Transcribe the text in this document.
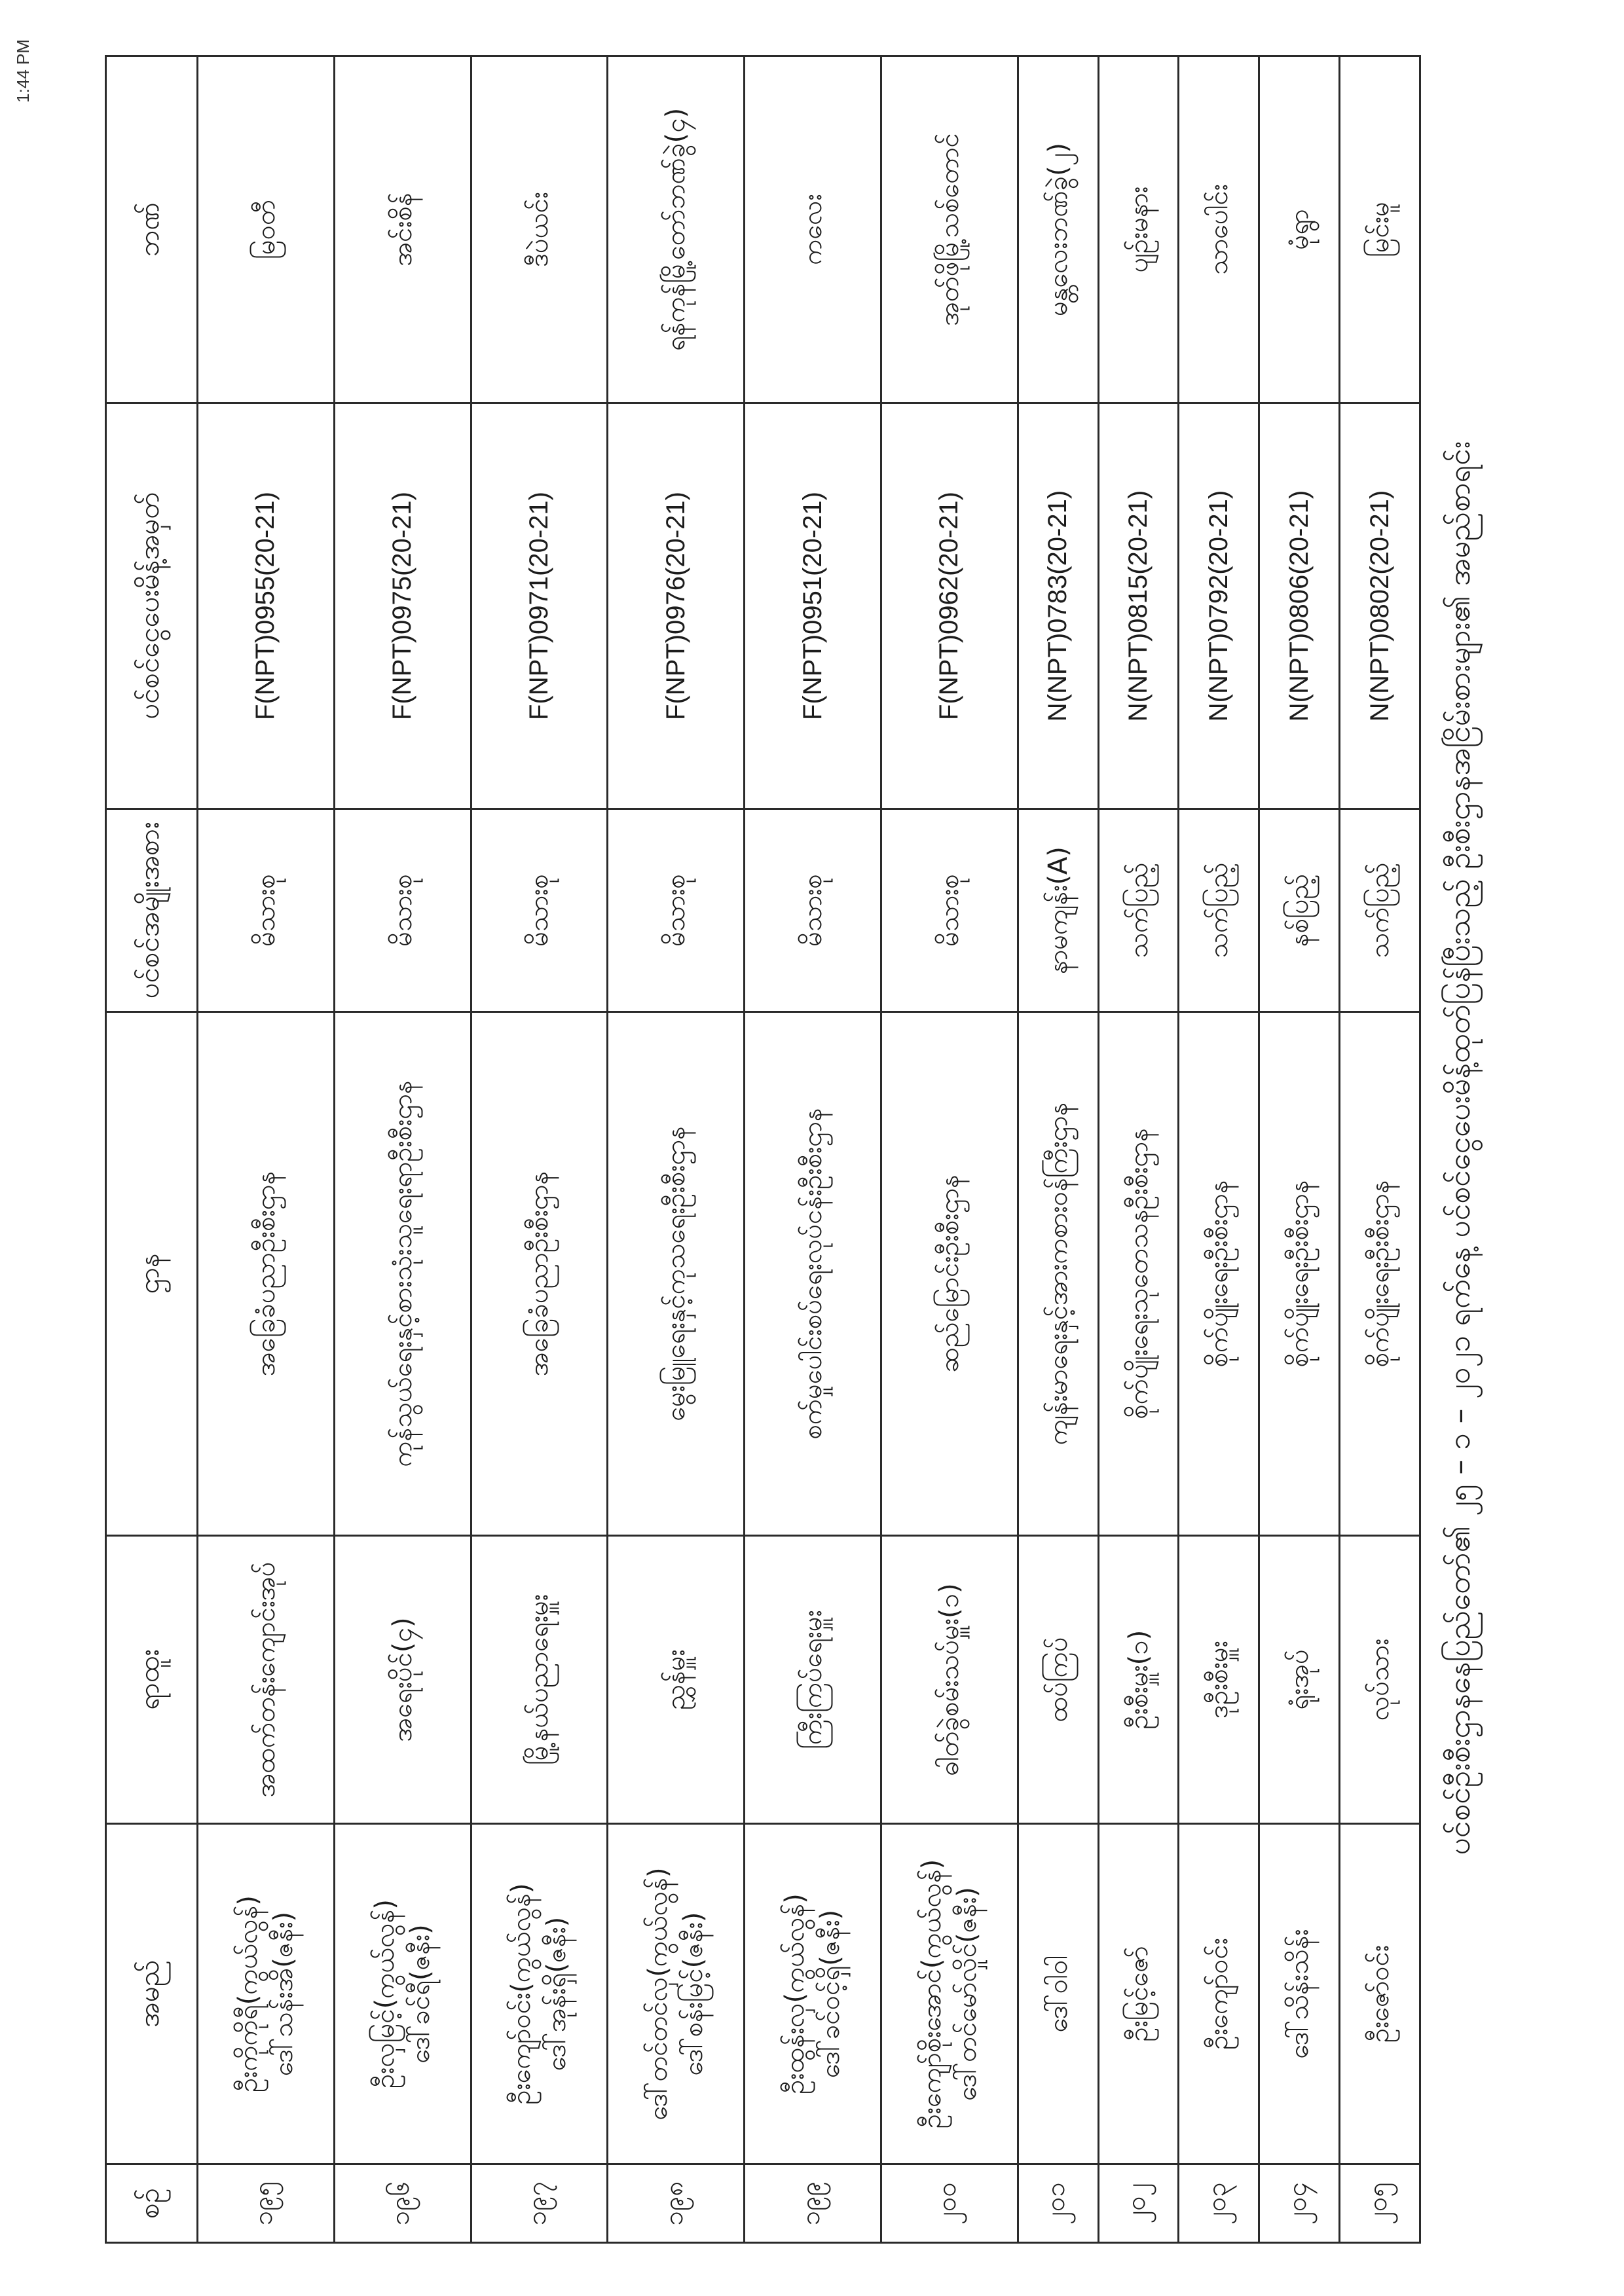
1:44 PM
ပင်စင်ဦးစီးဌာနနေပြည်တော်၏ ၂၅ – ၁ – ၂၀၂၁ ရက်နေ့ ပင်စင်ငွေပေးမိန့်ထုတ်ပြန်ပြီးသည့် ဦးစီးဌာနအငြိမ်းစားများ၏ အမည်စာရင်း
စဉ်	အမည်	ရာထူး	ဌာန	ပင်စင်အမျိုးအစား	ပင်စင်ငွေပေးမိန့်အမှတ်	ဘဏ်
၁၉၅	ဦးကိုကိုရီ(ကွယ်လွန်) ဒေါ်သန်းအိ(ဇနီး)	အထက်တန်းကျောင်းအုပ်	အခြေခံပညာဦးစီးဌာန	မိသားစု	F(NPT)0955(20-21)	မြဝတီ
၁၉၆	ဦးလှမြင့်(ကွယ်လွန်) ဒေါ်ခင်ရီ(ဇနီး)	အရေးပိုင်(၄)	ကုန်သွယ်ရေးနှင့်စားသုံးသူရေးရာဦးစီးဌာန	မိသားစု	F(NPT)0975(20-21)	အင်းစိန်
၁၉၇	ဦးကျော်ဝင်း(ကွယ်လွန်) ဒေါ်အုန်းရှိ(ဇနီး)	မြို့နယ်ပညာရေးမှူး	အခြေခံပညာဦးစီးဌာန	မိသားစု	F(NPT)0971(20-21)	ဒီပဲယင်း
၁၉၈	ဒေါ်တင်တင်လှ(ကွယ်လွန်) ဒေါ်စန်းမြင့်(ဇနီး)	ညွှန်မှူး	မွေးမြူရေးနှင့်ကုသရေးဦးစီးဌာန	မိသားစု	F(NPT)0976(20-21)	ရန်ကုန်မြို့တော်ဘဏ်ခွဲ(၄)
၁၉၉	ဦးထွန်းလှ(ကွယ်လွန်) ဒေါ်ခင်ဝင့်ရှိ(ဇနီး)	ကြီးကြပ်ရေးမှူး	စက်မှုပေါင်းစပ်ရေးလုပ်ငန်းဦးစီးဌာန	မိသားစု	F(NPT)0951(20-21)	ကလေး
၂၀၀	ဦးကျော်စိုးအောင်(ကွယ်လွန်) ဒေါ်တင်မော်လှိုင်(ဇနီး)	ဓါတ်ခွဲစမ်းသပ်မှူး(၁)	ဆည်မြောင်းဦးစီးဌာန	မိသားစု	F(NPT)0962(20-21)	အုတ်ဖိုမြို့သစ်တောင်
၂၀၁	ဒေါ်ဝါဝါ	ထပ်ကြပ်	ကျန်းမာရေးနှင့်အားကစားဝန်ကြီးဌာန	နာမကျန်း(A)	N(NPT)0783(20-21)	မန္တလေးဘဏ်ခွဲ(၂)
၂၀၂	ဦးမြင့်ဇော်	ဦးစီးမှူး(၁)	စိုက်ပျိုးရေးသုတေသနဦးစီးဌာန	သက်ပြည့်	N(NPT)0815(20-21)	ပျဉ်းမနား
၂၀၃	ဦးကျော်ဝင်း	ဒုဦးစီးမှူး	စိုက်ပျိုးရေးဦးစီးဌာန	သက်ပြည့်	N(NPT)0792(20-21)	သာပေါင်း
၂၀၄	ဒေါ်သိန်းသိန်း	ရုံးအုပ်	စိုက်ပျိုးရေးဦးစီးဌာန	နစ်ပြည့်	N(NPT)0806(20-21)	မုံရွာ
၂၀၅	ဦးဇော်ဝင်း	လုပ်သား	စိုက်ပျိုးရေးဦးစီးဌာန	သက်ပြည့်	N(NPT)0802(20-21)	မြင်းမူ
